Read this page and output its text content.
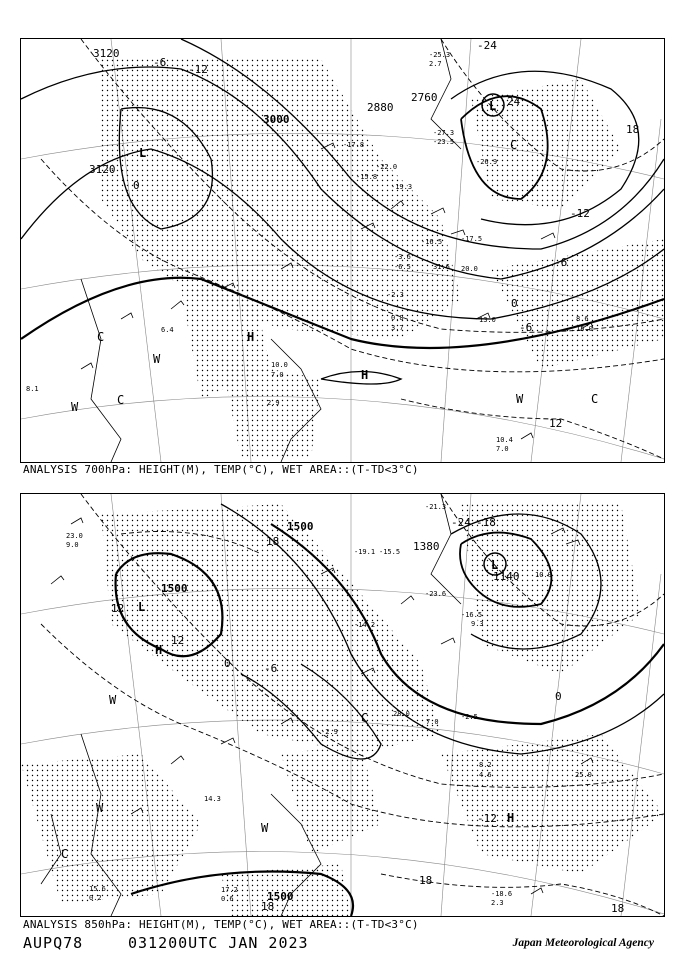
3120
3120
3000
2760
2880
-6
-12
0
24
-12
-6
18
0
-6
12
-24
L
L
C
H
H
C
C
W
W
W	C
-26.9
-22.0
-3.6
-6.5
-2.3
3.7
0.8
-19.3
-23.5
-27.3
31.6
-16.5	-17.5
20.0
13.0	8.6
15.0
10.4
7.0
10.0
7.0
2.9
8.1
6.4
-17.8
-15.8
-25.3
2.7
ANALYSIS 700hPa: HEIGHT(M), TEMP(°C), WET AREA::(T-TD<3°C)
1500
1500
1380
1140
1500
18
-24 -18
0	-6
12
0
18
18
18
-12
12
L
L
H
W
W
C
W
H
C
23.0
9.0
14.3
-14.2
-19.1 -15.5
28.0
7.0
-2.5
8.2
4.6	25.0
-18.6
2.3
15.6
0.2
17.2
0.6
-2.9
10.0
-21.3
9.3
-16.5
-23.6
ANALYSIS 850hPa: HEIGHT(M), TEMP(°C), WET AREA::(T-TD<3°C)
AUPQ78	031200UTC JAN 2023	Japan Meteorological Agency
